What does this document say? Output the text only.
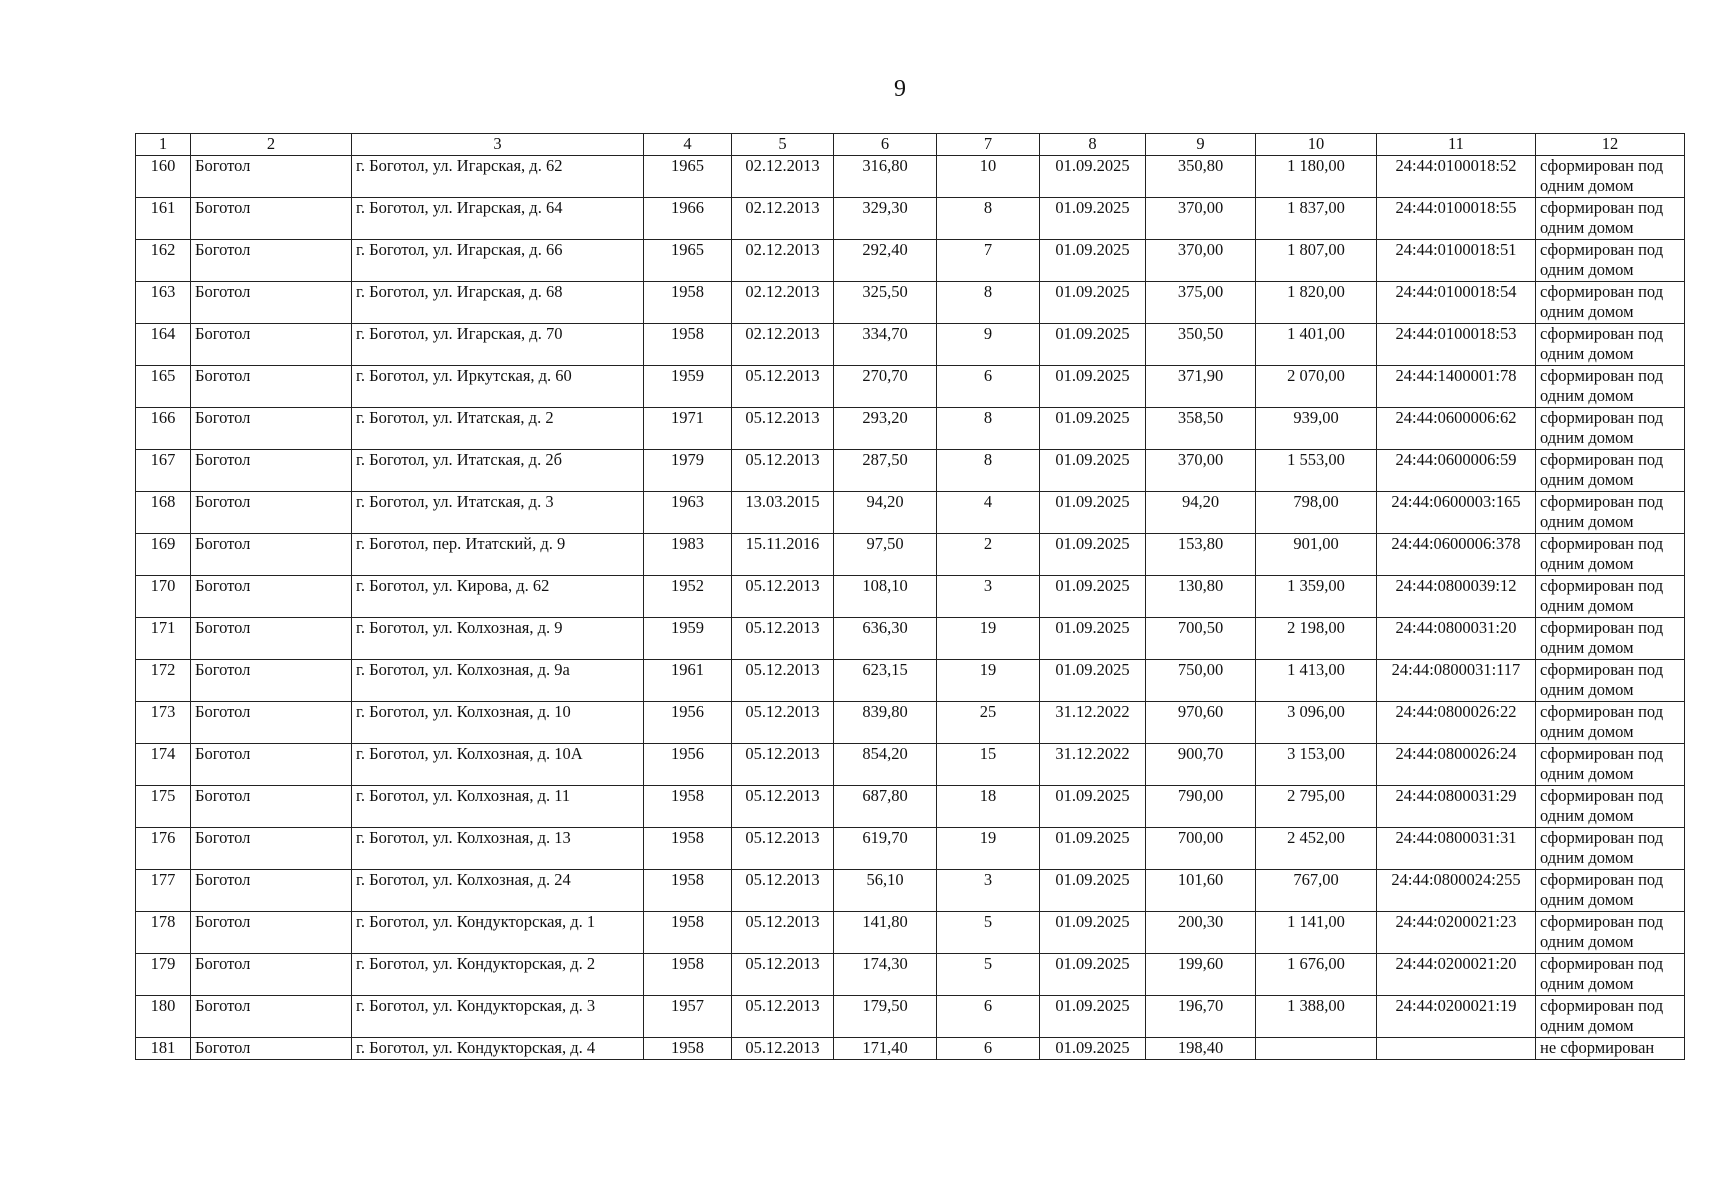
9
1	2	3	4	5	6	7	8	9	10	11	12
160	Боготол	г. Боготол, ул. Игарская, д. 62	1965	02.12.2013	316,80	10	01.09.2025	350,80	1 180,00	24:44:0100018:52	сформирован под одним домом
161	Боготол	г. Боготол, ул. Игарская, д. 64	1966	02.12.2013	329,30	8	01.09.2025	370,00	1 837,00	24:44:0100018:55	сформирован под одним домом
162	Боготол	г. Боготол, ул. Игарская, д. 66	1965	02.12.2013	292,40	7	01.09.2025	370,00	1 807,00	24:44:0100018:51	сформирован под одним домом
163	Боготол	г. Боготол, ул. Игарская, д. 68	1958	02.12.2013	325,50	8	01.09.2025	375,00	1 820,00	24:44:0100018:54	сформирован под одним домом
164	Боготол	г. Боготол, ул. Игарская, д. 70	1958	02.12.2013	334,70	9	01.09.2025	350,50	1 401,00	24:44:0100018:53	сформирован под одним домом
165	Боготол	г. Боготол, ул. Иркутская, д. 60	1959	05.12.2013	270,70	6	01.09.2025	371,90	2 070,00	24:44:1400001:78	сформирован под одним домом
166	Боготол	г. Боготол, ул. Итатская, д. 2	1971	05.12.2013	293,20	8	01.09.2025	358,50	939,00	24:44:0600006:62	сформирован под одним домом
167	Боготол	г. Боготол, ул. Итатская, д. 2б	1979	05.12.2013	287,50	8	01.09.2025	370,00	1 553,00	24:44:0600006:59	сформирован под одним домом
168	Боготол	г. Боготол, ул. Итатская, д. 3	1963	13.03.2015	94,20	4	01.09.2025	94,20	798,00	24:44:0600003:165	сформирован под одним домом
169	Боготол	г. Боготол, пер. Итатский, д. 9	1983	15.11.2016	97,50	2	01.09.2025	153,80	901,00	24:44:0600006:378	сформирован под одним домом
170	Боготол	г. Боготол, ул. Кирова, д. 62	1952	05.12.2013	108,10	3	01.09.2025	130,80	1 359,00	24:44:0800039:12	сформирован под одним домом
171	Боготол	г. Боготол, ул. Колхозная, д. 9	1959	05.12.2013	636,30	19	01.09.2025	700,50	2 198,00	24:44:0800031:20	сформирован под одним домом
172	Боготол	г. Боготол, ул. Колхозная, д. 9а	1961	05.12.2013	623,15	19	01.09.2025	750,00	1 413,00	24:44:0800031:117	сформирован под одним домом
173	Боготол	г. Боготол, ул. Колхозная, д. 10	1956	05.12.2013	839,80	25	31.12.2022	970,60	3 096,00	24:44:0800026:22	сформирован под одним домом
174	Боготол	г. Боготол, ул. Колхозная, д. 10А	1956	05.12.2013	854,20	15	31.12.2022	900,70	3 153,00	24:44:0800026:24	сформирован под одним домом
175	Боготол	г. Боготол, ул. Колхозная, д. 11	1958	05.12.2013	687,80	18	01.09.2025	790,00	2 795,00	24:44:0800031:29	сформирован под одним домом
176	Боготол	г. Боготол, ул. Колхозная, д. 13	1958	05.12.2013	619,70	19	01.09.2025	700,00	2 452,00	24:44:0800031:31	сформирован под одним домом
177	Боготол	г. Боготол, ул. Колхозная, д. 24	1958	05.12.2013	56,10	3	01.09.2025	101,60	767,00	24:44:0800024:255	сформирован под одним домом
178	Боготол	г. Боготол, ул. Кондукторская, д. 1	1958	05.12.2013	141,80	5	01.09.2025	200,30	1 141,00	24:44:0200021:23	сформирован под одним домом
179	Боготол	г. Боготол, ул. Кондукторская, д. 2	1958	05.12.2013	174,30	5	01.09.2025	199,60	1 676,00	24:44:0200021:20	сформирован под одним домом
180	Боготол	г. Боготол, ул. Кондукторская, д. 3	1957	05.12.2013	179,50	6	01.09.2025	196,70	1 388,00	24:44:0200021:19	сформирован под одним домом
181	Боготол	г. Боготол, ул. Кондукторская, д. 4	1958	05.12.2013	171,40	6	01.09.2025	198,40			не сформирован
